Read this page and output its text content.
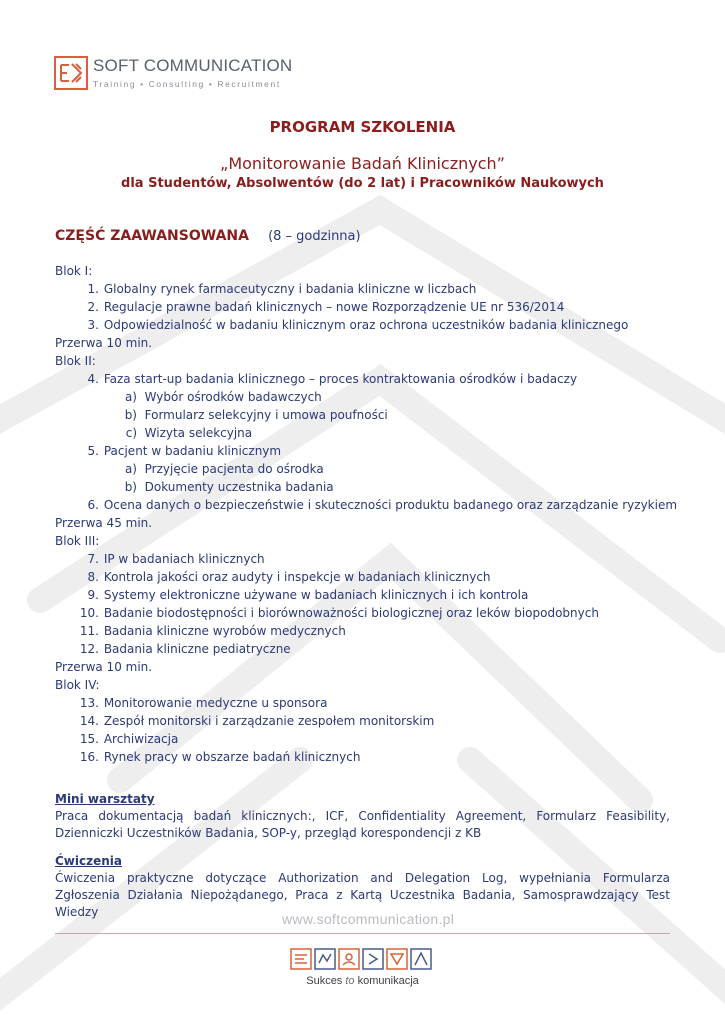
SOFT COMMUNICATION
Training • Consulting • Recruitment
PROGRAM SZKOLENIA
„Monitorowanie Badań Klinicznych”
dla Studentów, Absolwentów (do 2 lat) i Pracowników Naukowych
CZĘŚĆ ZAAWANSOWANA (8 – godzinna)
Blok I:
1. Globalny rynek farmaceutyczny i badania kliniczne w liczbach
2. Regulacje prawne badań klinicznych – nowe Rozporządzenie UE nr 536/2014
3. Odpowiedzialność w badaniu klinicznym oraz ochrona uczestników badania klinicznego
Przerwa 10 min.
Blok II:
4. Faza start-up badania klinicznego – proces kontraktowania ośrodków i badaczy
a) Wybór ośrodków badawczych
b) Formularz selekcyjny i umowa poufności
c) Wizyta selekcyjna
5. Pacjent w badaniu klinicznym
a) Przyjęcie pacjenta do ośrodka
b) Dokumenty uczestnika badania
6. Ocena danych o bezpieczeństwie i skuteczności produktu badanego oraz zarządzanie ryzykiem
Przerwa 45 min.
Blok III:
7. IP w badaniach klinicznych
8. Kontrola jakości oraz audyty i inspekcje w badaniach klinicznych
9. Systemy elektroniczne używane w badaniach klinicznych i ich kontrola
10. Badanie biodostępności i biorównoważności biologicznej oraz leków biopodobnych
11. Badania kliniczne wyrobów medycznych
12. Badania kliniczne pediatryczne
Przerwa 10 min.
Blok IV:
13. Monitorowanie medyczne u sponsora
14. Zespół monitorski i zarządzanie zespołem monitorskim
15. Archiwizacja
16. Rynek pracy w obszarze badań klinicznych
Mini warsztaty
Praca dokumentacją badań klinicznych:, ICF, Confidentiality Agreement, Formularz Feasibility, Dzienniczki Uczestników Badania, SOP-y, przegląd korespondencji z KB
Ćwiczenia
Ćwiczenia praktyczne dotyczące Authorization and Delegation Log, wypełniania Formularza Zgłoszenia Działania Niepożądanego, Praca z Kartą Uczestnika Badania, Samosprawdzający Test Wiedzy	www.softcommunication.pl
Sukces to komunikacja
